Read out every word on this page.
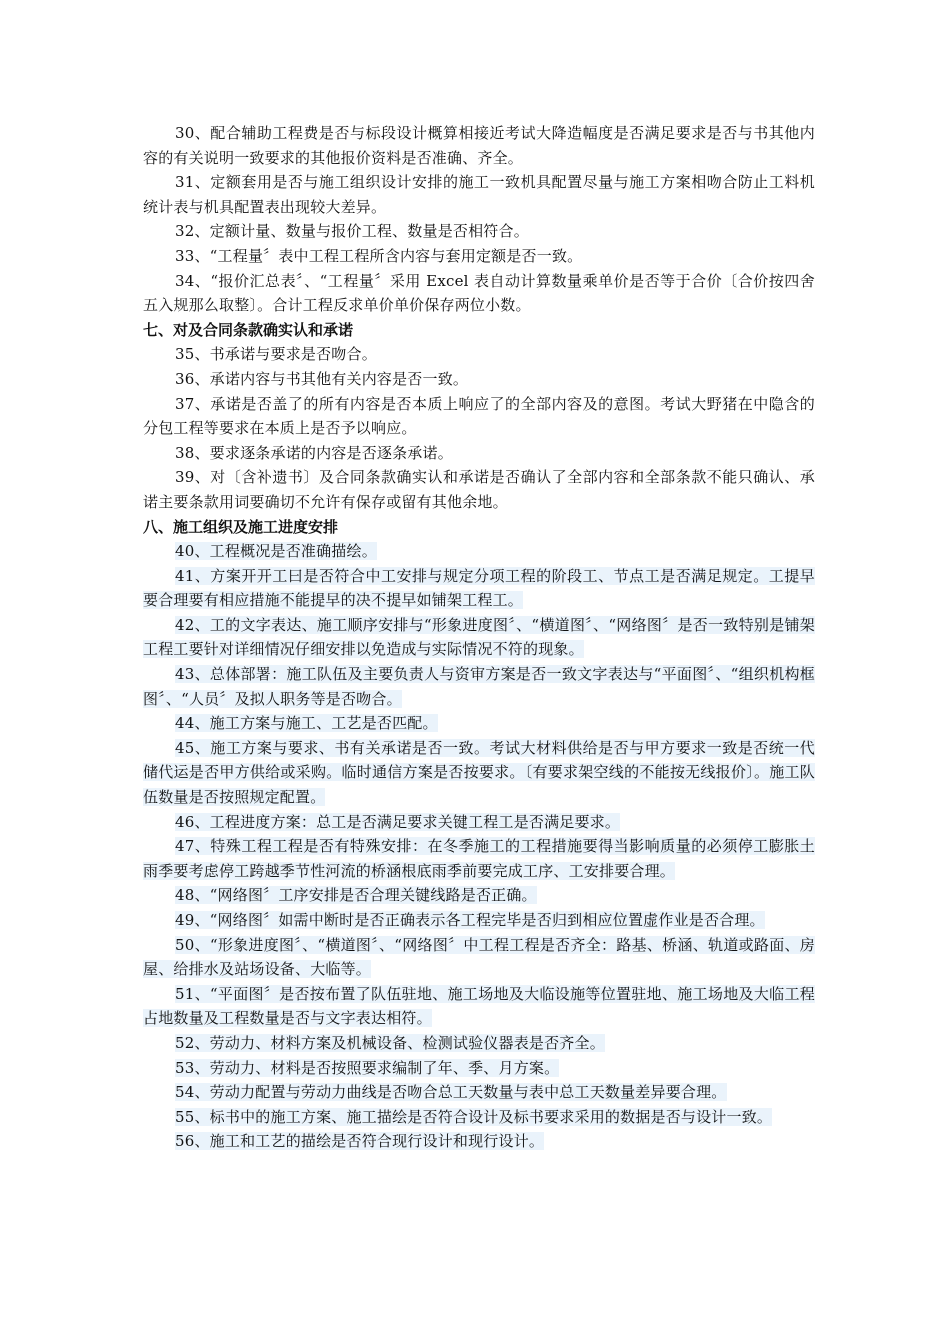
30、配合辅助工程费是否与标段设计概算相接近考试大降造幅度是否满足要求是否与书其他内容的有关说明一致要求的其他报价资料是否准确、齐全。

31、定额套用是否与施工组织设计安排的施工一致机具配置尽量与施工方案相吻合防止工料机统计表与机具配置表出现较大差异。

32、定额计量、数量与报价工程、数量是否相符合。

33、“工程量〞表中工程工程所含内容与套用定额是否一致。

34、“报价汇总表〞、“工程量〞采用 Excel 表自动计算数量乘单价是否等于合价〔合价按四舍五入规那么取整〕。合计工程反求单价单价保存两位小数。

七、对及合同条款确实认和承诺

35、书承诺与要求是否吻合。

36、承诺内容与书其他有关内容是否一致。

37、承诺是否盖了的所有内容是否本质上响应了的全部内容及的意图。考试大野猪在中隐含的分包工程等要求在本质上是否予以响应。

38、要求逐条承诺的内容是否逐条承诺。

39、对〔含补遗书〕及合同条款确实认和承诺是否确认了全部内容和全部条款不能只确认、承诺主要条款用词要确切不允许有保存或留有其他余地。

八、施工组织及施工进度安排

40、工程概况是否准确描绘。

41、方案开开工曰是否符合中工安排与规定分项工程的阶段工、节点工是否满足规定。工提早要合理要有相应措施不能提早的决不提早如铺架工程工。

42、工的文字表达、施工顺序安排与“形象进度图〞、“横道图〞、“网络图〞是否一致特别是铺架工程工要针对详细情况仔细安排以免造成与实际情况不符的现象。

43、总体部署：施工队伍及主要负责人与资审方案是否一致文字表达与“平面图〞、“组织机构框图〞、“人员〞及拟人职务等是否吻合。

44、施工方案与施工、工艺是否匹配。

45、施工方案与要求、书有关承诺是否一致。考试大材料供给是否与甲方要求一致是否统一代储代运是否甲方供给或采购。临时通信方案是否按要求。〔有要求架空线的不能按无线报价〕。施工队伍数量是否按照规定配置。

46、工程进度方案：总工是否满足要求关键工程工是否满足要求。

47、特殊工程工程是否有特殊安排：在冬季施工的工程措施要得当影响质量的必须停工膨胀土雨季要考虑停工跨越季节性河流的桥涵根底雨季前要完成工序、工安排要合理。

48、“网络图〞工序安排是否合理关键线路是否正确。

49、“网络图〞如需中断时是否正确表示各工程完毕是否归到相应位置虚作业是否合理。

50、“形象进度图〞、“横道图〞、“网络图〞中工程工程是否齐全：路基、桥涵、轨道或路面、房屋、给排水及站场设备、大临等。

51、“平面图〞是否按布置了队伍驻地、施工场地及大临设施等位置驻地、施工场地及大临工程占地数量及工程数量是否与文字表达相符。

52、劳动力、材料方案及机械设备、检测试验仪器表是否齐全。

53、劳动力、材料是否按照要求编制了年、季、月方案。

54、劳动力配置与劳动力曲线是否吻合总工天数量与表中总工天数量差异要合理。

55、标书中的施工方案、施工描绘是否符合设计及标书要求采用的数据是否与设计一致。

56、施工和工艺的描绘是否符合现行设计和现行设计。
